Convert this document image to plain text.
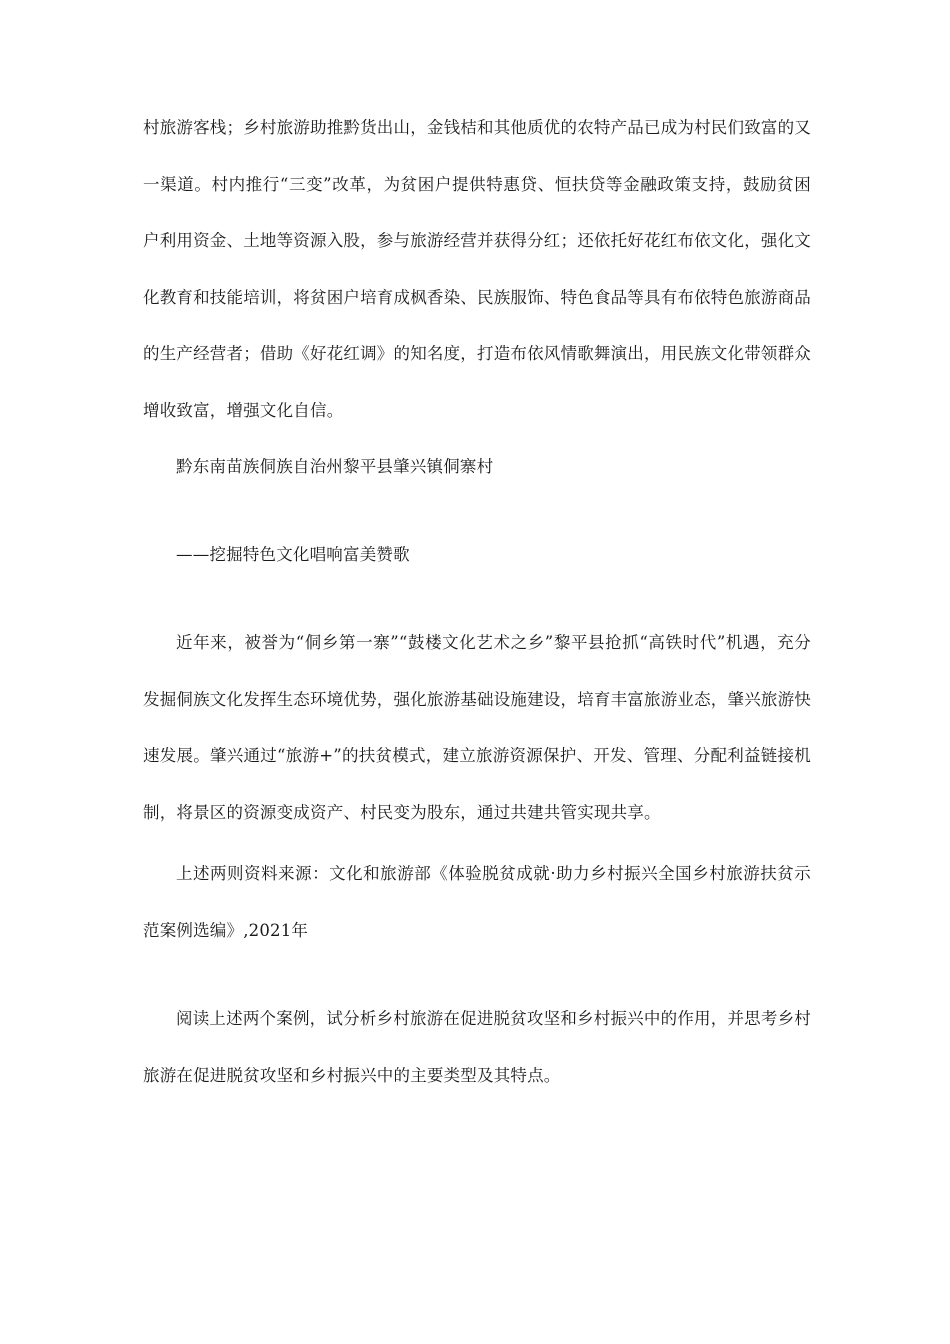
村旅游客栈；乡村旅游助推黔货出山，金钱桔和其他质优的农特产品已成为村民们致富的又一渠道。村内推行“三变”改革，为贫困户提供特惠贷、恒扶贷等金融政策支持，鼓励贫困户利用资金、土地等资源入股，参与旅游经营并获得分红；还依托好花红布依文化，强化文化教育和技能培训，将贫困户培育成枫香染、民族服饰、特色食品等具有布依特色旅游商品的生产经营者；借助《好花红调》的知名度，打造布依风情歌舞演出，用民族文化带领群众增收致富，增强文化自信。

黔东南苗族侗族自治州黎平县肇兴镇侗寨村

——挖掘特色文化唱响富美赞歌

近年来，被誉为“侗乡第一寨”“鼓楼文化艺术之乡”黎平县抢抓“高铁时代”机遇，充分发掘侗族文化发挥生态环境优势，强化旅游基础设施建设，培育丰富旅游业态，肇兴旅游快速发展。肇兴通过“旅游+”的扶贫模式，建立旅游资源保护、开发、管理、分配利益链接机制，将景区的资源变成资产、村民变为股东，通过共建共管实现共享。

上述两则资料来源：文化和旅游部《体验脱贫成就·助力乡村振兴全国乡村旅游扶贫示范案例选编》,2021年

阅读上述两个案例，试分析乡村旅游在促进脱贫攻坚和乡村振兴中的作用，并思考乡村旅游在促进脱贫攻坚和乡村振兴中的主要类型及其特点。
